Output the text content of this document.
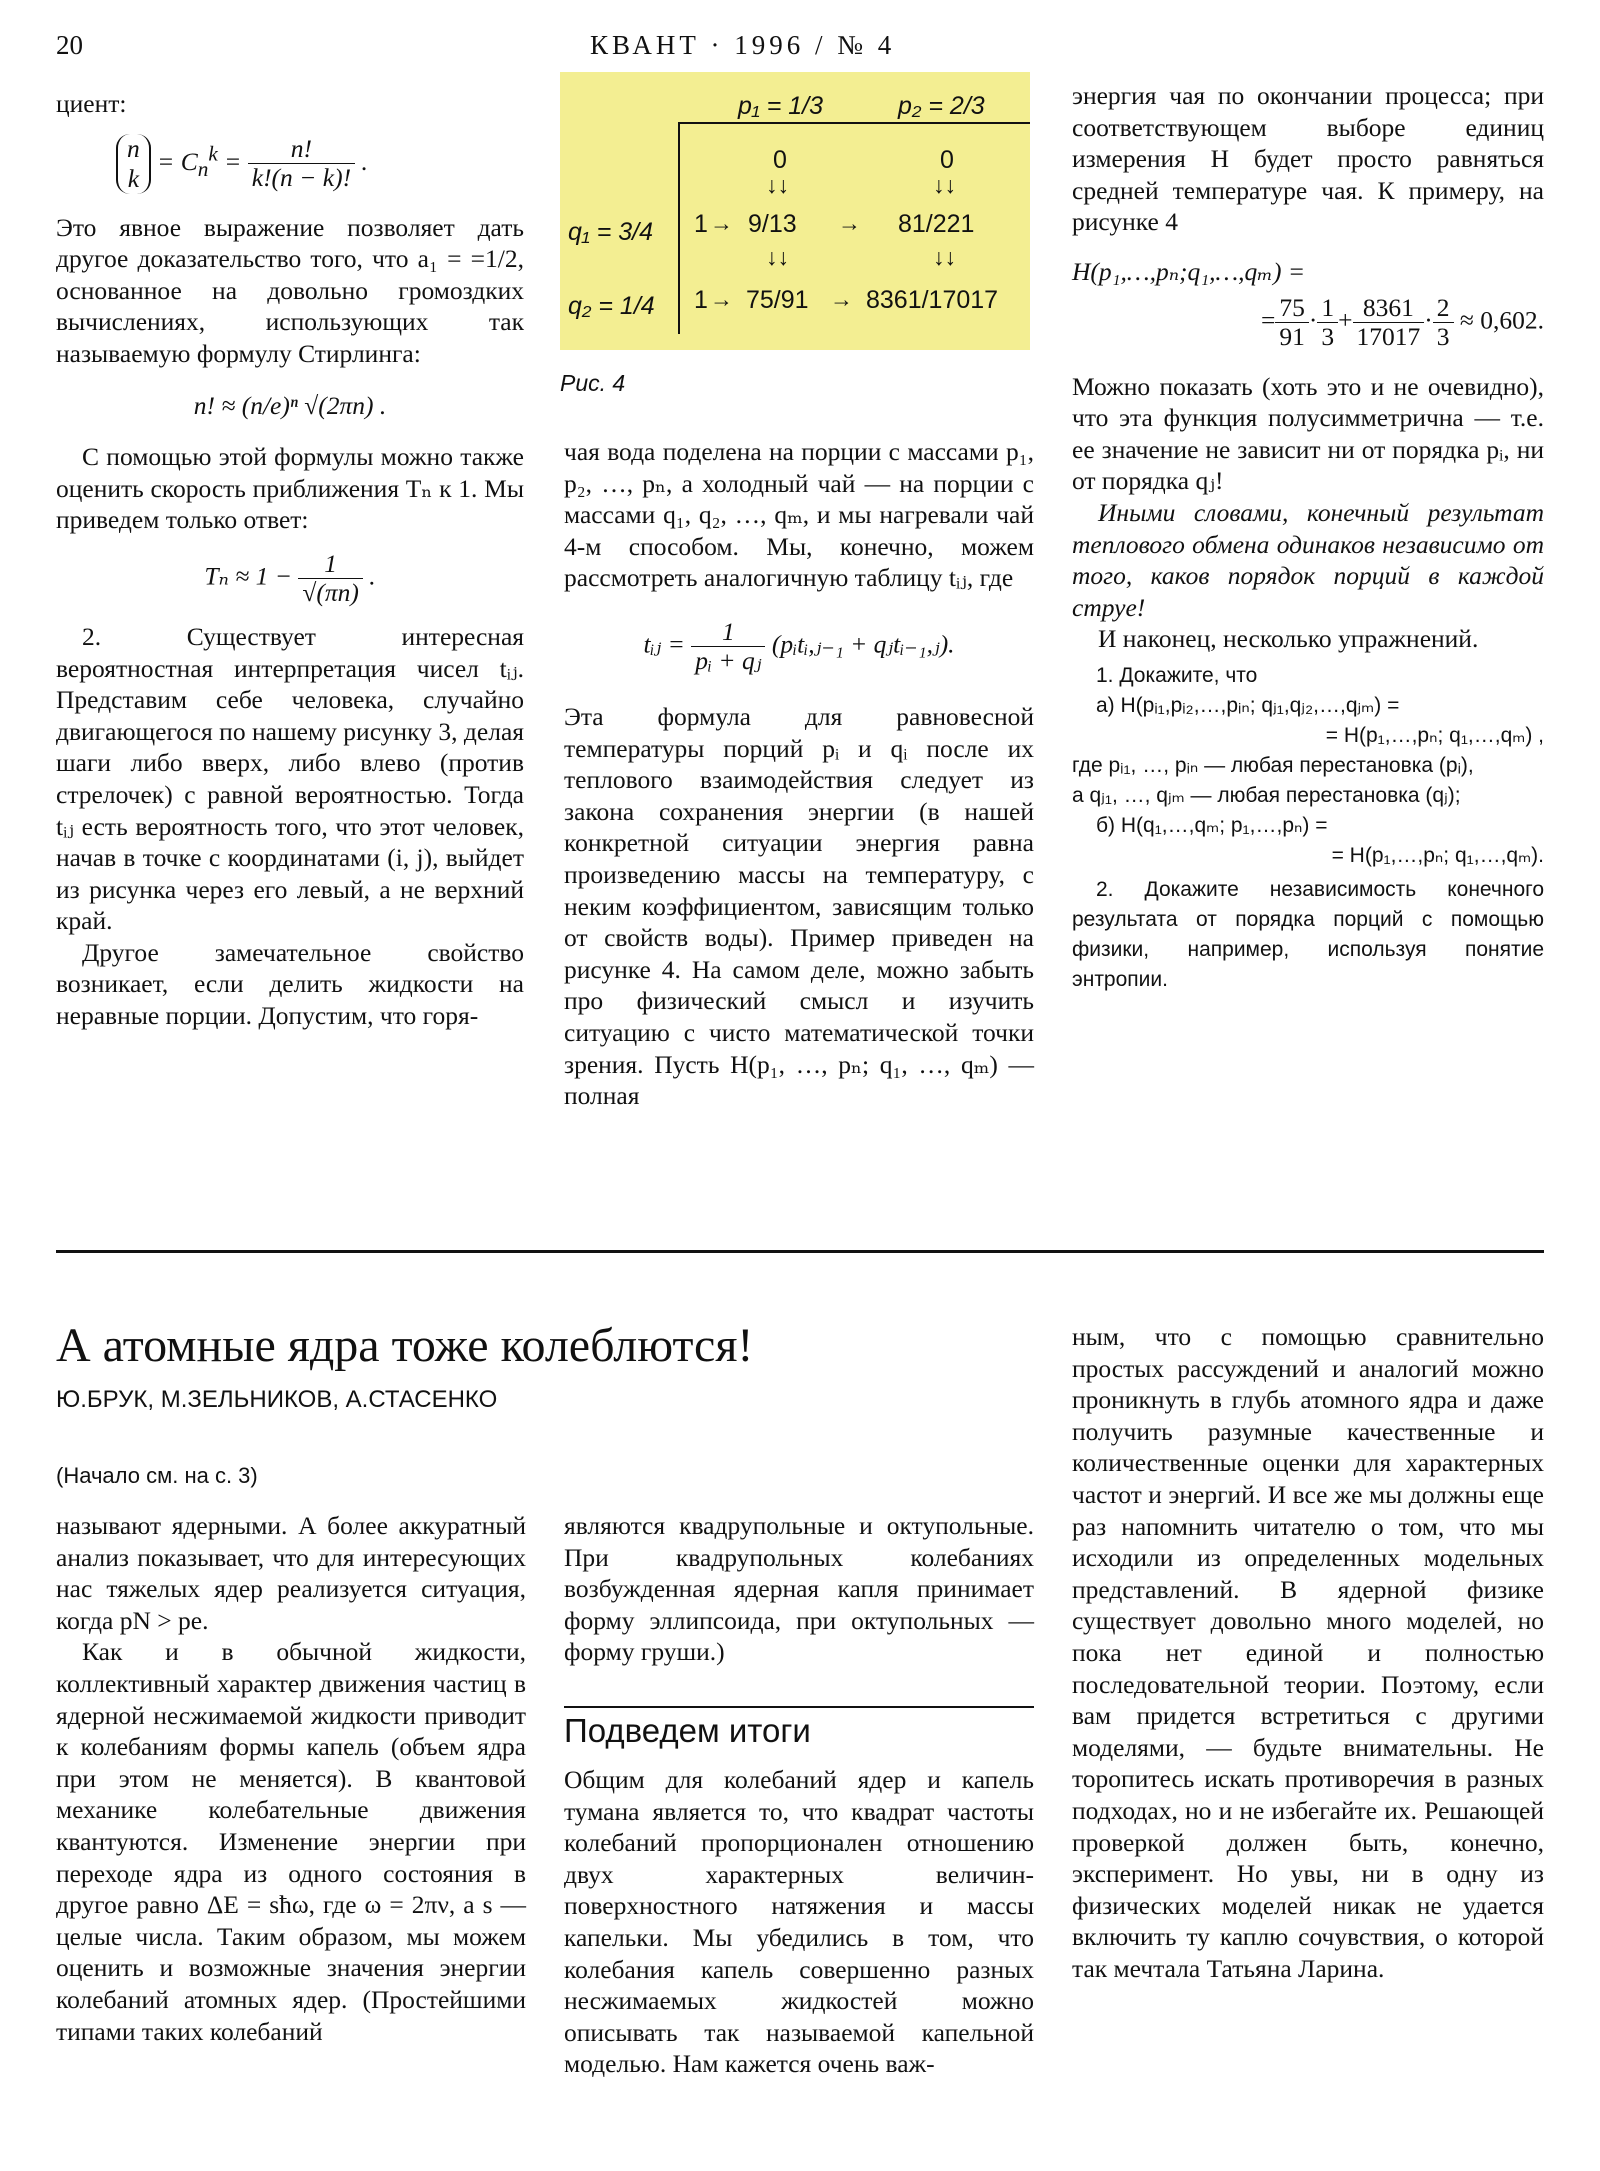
20	КВАНТ · 1996 / № 4

циент:

n
$k = C_n^k = \frac{n!}{k!(n - k)!}$ .

Это явное выражение позволяет дать другое доказательство того, что a₁ = =1/2, основанное на довольно громоздких вычислениях, использующих так называемую формулу Стирлинга:

n! ≈ (n/e)ⁿ √(2πn) .

С помощью этой формулы можно также оценить скорость приближения Tₙ к 1. Мы приведем только ответ:

$T_n \approx 1 - \frac{1}{√(\pi n)}$ .

2. Существует интересная вероятностная интерпретация чисел tᵢⱼ. Представим себе человека, случайно двигающегося по нашему рисунку 3, делая шаги либо вверх, либо влево (против стрелочек) с равной вероятностью. Тогда tᵢⱼ есть вероятность того, что этот человек, начав в точке с координатами (i, j), выйдет из рисунка через его левый, а не верхний край.

Другое замечательное свойство возникает, если делить жидкости на неравные порции. Допустим, что горя-

p₁ = 1/3	p₂ = 2/3
0	0
↓↓	↓↓
q₁ = 3/4 1 → 9/13 → 81/221
↓↓	↓↓
q₂ = 1/4 1 → 75/91 → 8361/17017
Рис. 4

чая вода поделена на порции с массами p₁, p₂, …, pₙ, а холодный чай — на порции с массами q₁, q₂, …, qₘ, и мы нагревали чай 4-м способом. Мы, конечно, можем рассмотреть аналогичную таблицу tᵢⱼ, где

tᵢⱼ = $\frac{1}{\text{pᵢ + qⱼ}}$ (pᵢtᵢ,ⱼ₋₁ + qⱼtᵢ₋₁,ⱼ).

Эта формула для равновесной температуры порций pᵢ и qᵢ после их теплового взаимодействия следует из закона сохранения энергии (в нашей конкретной ситуации энергия равна произведению массы на температуру, с неким коэффициентом, зависящим только от свойств воды). Пример приведен на рисунке 4. На самом деле, можно забыть про физический смысл и изучить ситуацию с чисто математической точки зрения. Пусть H(p₁, …, pₙ; q₁, …, qₘ) — полная

энергия чая по окончании процесса; при соответствующем выборе единиц измерения H будет просто равняться средней температуре чая. К примеру, на рисунке 4

H(p₁,…,pₙ;q₁,…,qₘ) =
= $\frac{75}{91} \cdot \frac{1}{3} + \frac{8361}{17017} \cdot \frac{2}{3} \approx 0,602$.

Можно показать (хоть это и не очевидно), что эта функция полусимметрична — т.е. ее значение не зависит ни от порядка pᵢ, ни от порядка qⱼ!

Иными словами, конечный результат теплового обмена одинаков независимо от того, каков порядок порций в каждой струе!

И наконец, несколько упражнений.

1. Докажите, что
а) H(pᵢ₁,pᵢ₂,…,pᵢₙ; qⱼ₁,qⱼ₂,…,qⱼₘ) =
= H(p₁,…,pₙ; q₁,…,qₘ) ,
где pᵢ₁, …, pᵢₙ — любая перестановка (pᵢ),
а qⱼ₁, …, qⱼₘ — любая перестановка (qⱼ);
б) H(q₁,…,qₘ; p₁,…,pₙ) =
= H(p₁,…,pₙ; q₁,…,qₘ).
2. Докажите независимость конечного результата от порядка порций с помощью физики, например, используя понятие энтропии.
А атомные ядра тоже колеблются!
Ю.БРУК, М.ЗЕЛЬНИКОВ, А.СТАСЕНКО
(Начало см. на с. 3)

называют ядерными. А более аккуратный анализ показывает, что для интересующих нас тяжелых ядер реализуется ситуация, когда pN > pe.

Как и в обычной жидкости, коллективный характер движения частиц в ядерной несжимаемой жидкости приводит к колебаниям формы капель (объем ядра при этом не меняется). В квантовой механике колебательные движения квантуются. Изменение энергии при переходе ядра из одного состояния в другое равно ΔE = sħω, где ω = 2πν, а s — целые числа. Таким образом, мы можем оценить и возможные значения энергии колебаний атомных ядер. (Простейшими типами таких колебаний

являются квадрупольные и октупольные. При квадрупольных колебаниях возбужденная ядерная капля принимает форму эллипсоида, при октупольных — форму груши.)

Подведем итоги

Общим для колебаний ядер и капель тумана является то, что квадрат частоты колебаний пропорционален отношению двух характерных величин-поверхностного натяжения и массы капельки. Мы убедились в том, что колебания капель совершенно разных несжимаемых жидкостей можно описывать так называемой капельной моделью. Нам кажется очень важ-

ным, что с помощью сравнительно простых рассуждений и аналогий можно проникнуть в глубь атомного ядра и даже получить разумные качественные и количественные оценки для характерных частот и энергий. И все же мы должны еще раз напомнить читателю о том, что мы исходили из определенных модельных представлений. В ядерной физике существует довольно много моделей, но пока нет единой и полностью последовательной теории. Поэтому, если вам придется встретиться с другими моделями, — будьте внимательны. Не торопитесь искать противоречия в разных подходах, но и не избегайте их. Решающей проверкой должен быть, конечно, эксперимент. Но увы, ни в одну из физических моделей никак не удается включить ту каплю сочувствия, о которой так мечтала Татьяна Ларина.
